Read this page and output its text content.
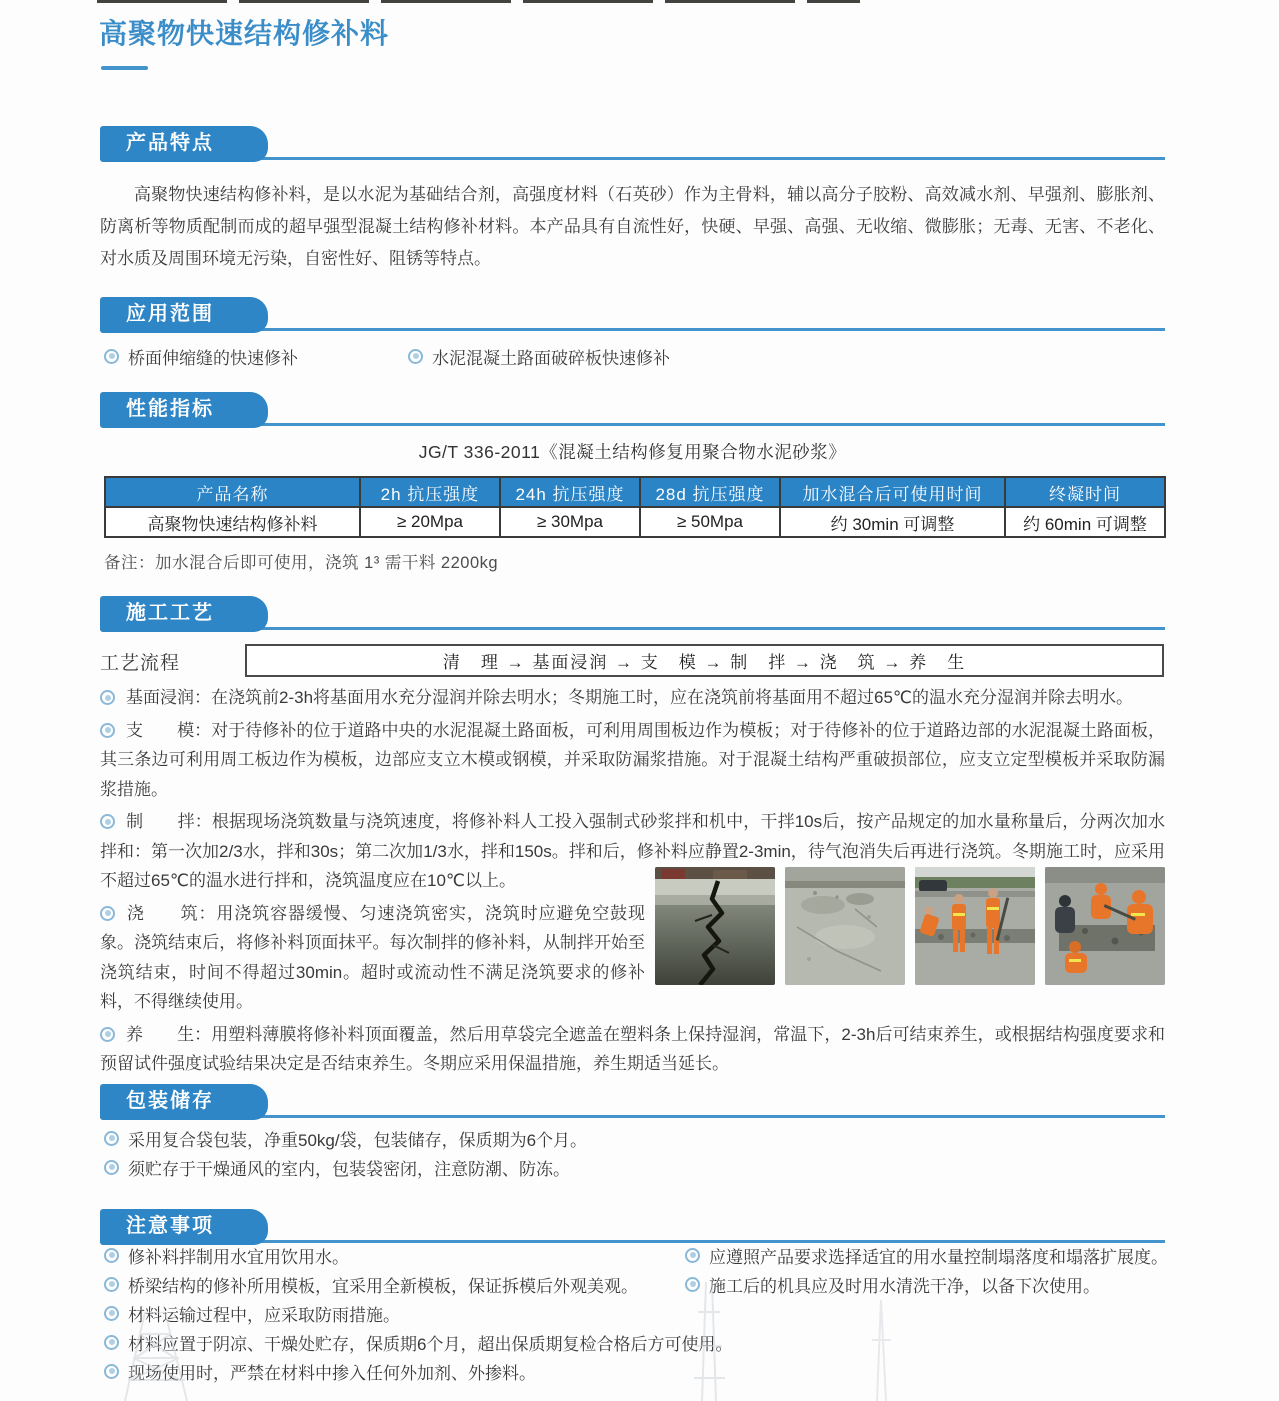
高聚物快速结构修补料
产品特点

高聚物快速结构修补料，是以水泥为基础结合剂，高强度材料（石英砂）作为主骨料，辅以高分子胶粉、高效减水剂、早强剂、膨胀剂、防离析等物质配制而成的超早强型混凝土结构修补材料。本产品具有自流性好，快硬、早强、高强、无收缩、微膨胀；无毒、无害、不老化、对水质及周围环境无污染，自密性好、阻锈等特点。

应用范围
桥面伸缩缝的快速修补	水泥混凝土路面破碎板快速修补
性能指标
JG/T 336-2011《混凝土结构修复用聚合物水泥砂浆》
产品名称	2h 抗压强度	24h 抗压强度	28d 抗压强度	加水混合后可使用时间	终凝时间
高聚物快速结构修补料	≥ 20Mpa	≥ 30Mpa	≥ 50Mpa	约 30min 可调整	约 60min 可调整
备注：加水混合后即可使用，浇筑 1³ 需干料 2200kg
施工工艺
工艺流程	清　理 → 基面浸润 → 支　模 → 制　拌 → 浇　筑 → 养　生

基面浸润：在浇筑前2-3h将基面用水充分湿润并除去明水；冬期施工时，应在浇筑前将基面用不超过65℃的温水充分湿润并除去明水。

支　　模：对于待修补的位于道路中央的水泥混凝土路面板，可利用周围板边作为模板；对于待修补的位于道路边部的水泥混凝土路面板，其三条边可利用周工板边作为模板，边部应支立木模或钢模，并采取防漏浆措施。对于混凝土结构严重破损部位，应支立定型模板并采取防漏浆措施。

制　　拌：根据现场浇筑数量与浇筑速度，将修补料人工投入强制式砂浆拌和机中，干拌10s后，按产品规定的加水量称量后，分两次加水拌和：第一次加2/3水，拌和30s；第二次加1/3水，拌和150s。拌和后，修补料应静置2-3min，待气泡消失后再进行浇筑。冬期施工时，应采用不超过65℃的温水进行拌和，浇筑温度应在10℃以上。

浇　　筑：用浇筑容器缓慢、匀速浇筑密实，浇筑时应避免空鼓现象。浇筑结束后，将修补料顶面抹平。每次制拌的修补料，从制拌开始至浇筑结束，时间不得超过30min。超时或流动性不满足浇筑要求的修补料，不得继续使用。

养　　生：用塑料薄膜将修补料顶面覆盖，然后用草袋完全遮盖在塑料条上保持湿润，常温下，2-3h后可结束养生，或根据结构强度要求和预留试件强度试验结果决定是否结束养生。冬期应采用保温措施，养生期适当延长。

包装储存
采用复合袋包装，净重50kg/袋，包装储存，保质期为6个月。
须贮存于干燥通风的室内，包装袋密闭，注意防潮、防冻。
注意事项
修补料拌制用水宜用饮用水。
桥梁结构的修补所用模板，宜采用全新模板，保证拆模后外观美观。
材料运输过程中，应采取防雨措施。
材料应置于阴凉、干燥处贮存，保质期6个月，超出保质期复检合格后方可使用。
现场使用时，严禁在材料中掺入任何外加剂、外掺料。
应遵照产品要求选择适宜的用水量控制塌落度和塌落扩展度。
施工后的机具应及时用水清洗干净，以备下次使用。
